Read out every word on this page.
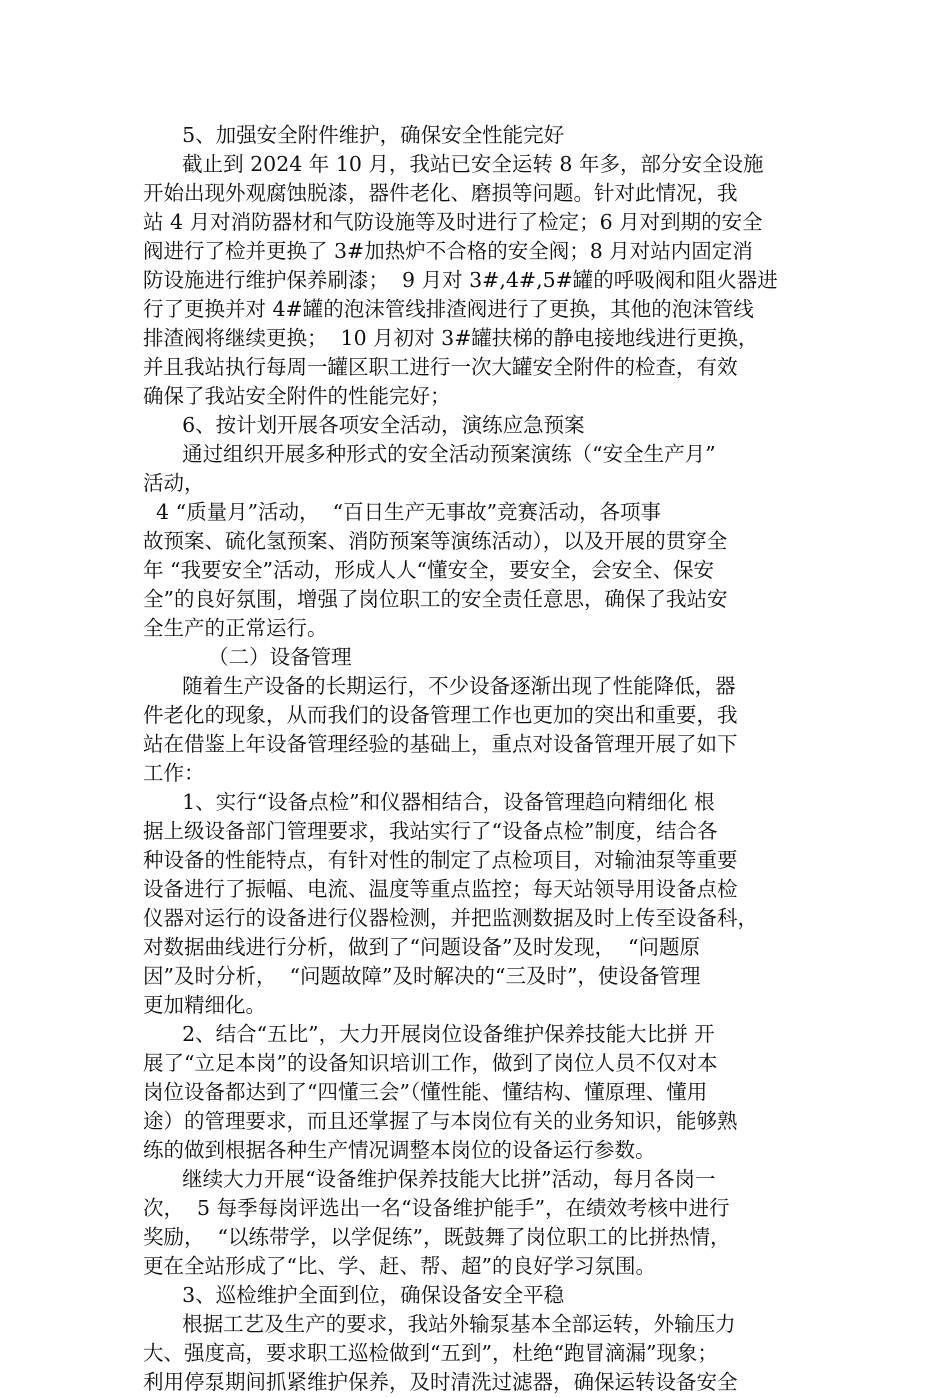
5、加强安全附件维护，确保安全性能完好
截止到 2024 年 10 月，我站已安全运转 8 年多，部分安全设施
开始出现外观腐蚀脱漆，器件老化、磨损等问题。针对此情况，我
站 4 月对消防器材和气防设施等及时进行了检定；6 月对到期的安全
阀进行了检并更换了 3#加热炉不合格的安全阀；8 月对站内固定消
防设施进行维护保养刷漆；  9 月对 3#,4#,5#罐的呼吸阀和阻火器进
行了更换并对 4#罐的泡沫管线排渣阀进行了更换，其他的泡沫管线
排渣阀将继续更换；  10 月初对 3#罐扶梯的静电接地线进行更换，
并且我站执行每周一罐区职工进行一次大罐安全附件的检查，有效
确保了我站安全附件的性能完好；
6、按计划开展各项安全活动，演练应急预案
通过组织开展多种形式的安全活动预案演练（“安全生产月”
活动，
4 “质量月”活动，  “百日生产无事故”竞赛活动，各项事
故预案、硫化氢预案、消防预案等演练活动），以及开展的贯穿全
年 “我要安全”活动，形成人人“懂安全，要安全，会安全、保安
全”的良好氛围，增强了岗位职工的安全责任意思，确保了我站安
全生产的正常运行。
（二）设备管理
随着生产设备的长期运行，不少设备逐渐出现了性能降低，器
件老化的现象，从而我们的设备管理工作也更加的突出和重要，我
站在借鉴上年设备管理经验的基础上，重点对设备管理开展了如下
工作：
1、实行“设备点检”和仪器相结合，设备管理趋向精细化 根
据上级设备部门管理要求，我站实行了“设备点检”制度，结合各
种设备的性能特点，有针对性的制定了点检项目，对输油泵等重要
设备进行了振幅、电流、温度等重点监控；每天站领导用设备点检
仪器对运行的设备进行仪器检测，并把监测数据及时上传至设备科，
对数据曲线进行分析，做到了“问题设备”及时发现，  “问题原
因”及时分析，  “问题故障”及时解决的“三及时”，使设备管理
更加精细化。
2、结合“五比”，大力开展岗位设备维护保养技能大比拼 开
展了“立足本岗”的设备知识培训工作，做到了岗位人员不仅对本
岗位设备都达到了“四懂三会”（懂性能、懂结构、懂原理、懂用
途）的管理要求，而且还掌握了与本岗位有关的业务知识，能够熟
练的做到根据各种生产情况调整本岗位的设备运行参数。
继续大力开展“设备维护保养技能大比拼”活动，每月各岗一
次，  5 每季每岗评选出一名“设备维护能手”，在绩效考核中进行
奖励，  “以练带学，以学促练”，既鼓舞了岗位职工的比拼热情，
更在全站形成了“比、学、赶、帮、超”的良好学习氛围。
3、巡检维护全面到位，确保设备安全平稳
根据工艺及生产的要求，我站外输泵基本全部运转，外输压力
大、强度高，要求职工巡检做到“五到”，杜绝“跑冒滴漏”现象；
利用停泵期间抓紧维护保养，及时清洗过滤器，确保运转设备安全
